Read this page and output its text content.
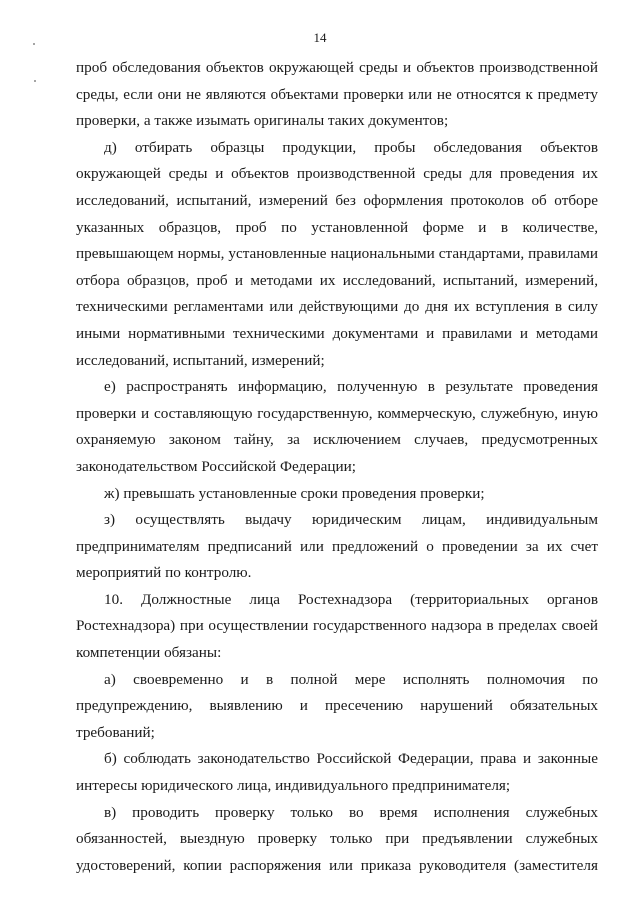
14

проб обследования объектов окружающей среды и объектов производственной среды, если они не являются объектами проверки или не относятся к предмету проверки, а также изымать оригиналы таких документов;

д) отбирать образцы продукции, пробы обследования объектов окружающей среды и объектов производственной среды для проведения их исследований, испытаний, измерений без оформления протоколов об отборе указанных образцов, проб по установленной форме и в количестве, превышающем нормы, установленные национальными стандартами, правилами отбора образцов, проб и методами их исследований, испытаний, измерений, техническими регламентами или действующими до дня их вступления в силу иными нормативными техническими документами и правилами и методами исследований, испытаний, измерений;

е) распространять информацию, полученную в результате проведения проверки и составляющую государственную, коммерческую, служебную, иную охраняемую законом тайну, за исключением случаев, предусмотренных законодательством Российской Федерации;

ж) превышать установленные сроки проведения проверки;

з) осуществлять выдачу юридическим лицам, индивидуальным предпринимателям предписаний или предложений о проведении за их счет мероприятий по контролю.

10. Должностные лица Ростехнадзора (территориальных органов Ростехнадзора) при осуществлении государственного надзора в пределах своей компетенции обязаны:

а) своевременно и в полной мере исполнять полномочия по предупреждению, выявлению и пресечению нарушений обязательных требований;

б) соблюдать законодательство Российской Федерации, права и законные интересы юридического лица, индивидуального предпринимателя;

в) проводить проверку только во время исполнения служебных обязанностей, выездную проверку только при предъявлении служебных удостоверений, копии распоряжения или приказа руководителя (заместителя
